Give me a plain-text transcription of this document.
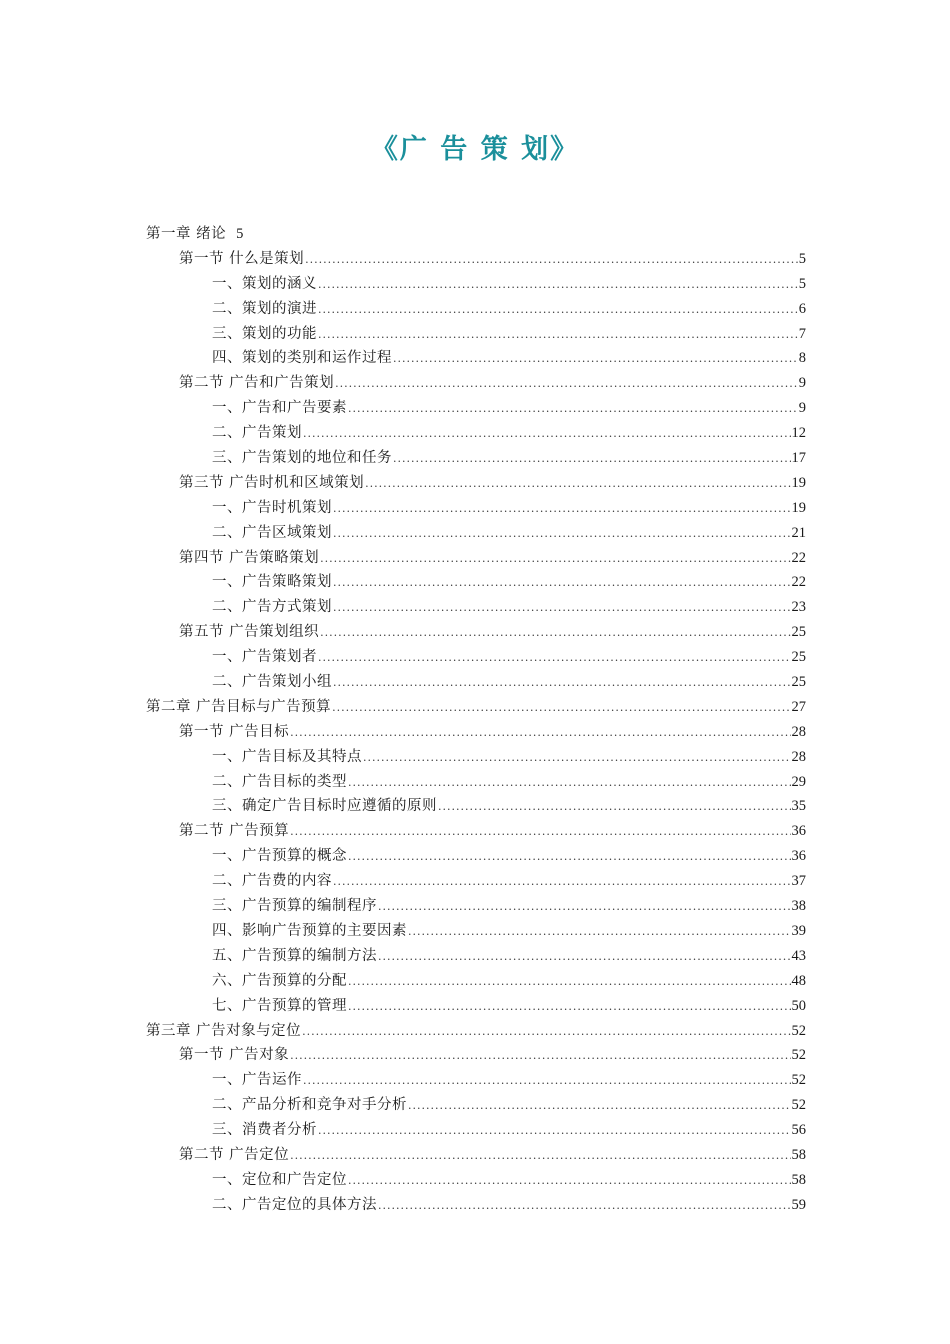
《广 告 策 划》
第一章 绪论 5
第一节 什么是策划 .....	5
一、策划的涵义 .....	5
二、策划的演进 .....	6
三、策划的功能 .....	7
四、策划的类别和运作过程 .....	8
第二节 广告和广告策划 .....	9
一、广告和广告要素 .....	9
二、广告策划 .....	12
三、广告策划的地位和任务 .....	17
第三节 广告时机和区域策划 .....	19
一、广告时机策划 .....	19
二、广告区域策划 .....	21
第四节 广告策略策划 .....	22
一、广告策略策划 .....	22
二、广告方式策划 .....	23
第五节 广告策划组织 .....	25
一、广告策划者 .....	25
二、广告策划小组 .....	25
第二章 广告目标与广告预算 .....	27
第一节 广告目标 .....	28
一、广告目标及其特点 .....	28
二、广告目标的类型 .....	29
三、确定广告目标时应遵循的原则 .....	35
第二节 广告预算 .....	36
一、广告预算的概念 .....	36
二、广告费的内容 .....	37
三、广告预算的编制程序 .....	38
四、影响广告预算的主要因素 .....	39
五、广告预算的编制方法 .....	43
六、广告预算的分配 .....	48
七、广告预算的管理 .....	50
第三章 广告对象与定位 .....	52
第一节 广告对象 .....	52
一、广告运作 .....	52
二、产品分析和竞争对手分析 .....	52
三、消费者分析 .....	56
第二节 广告定位 .....	58
一、定位和广告定位 .....	58
二、广告定位的具体方法 .....	59
